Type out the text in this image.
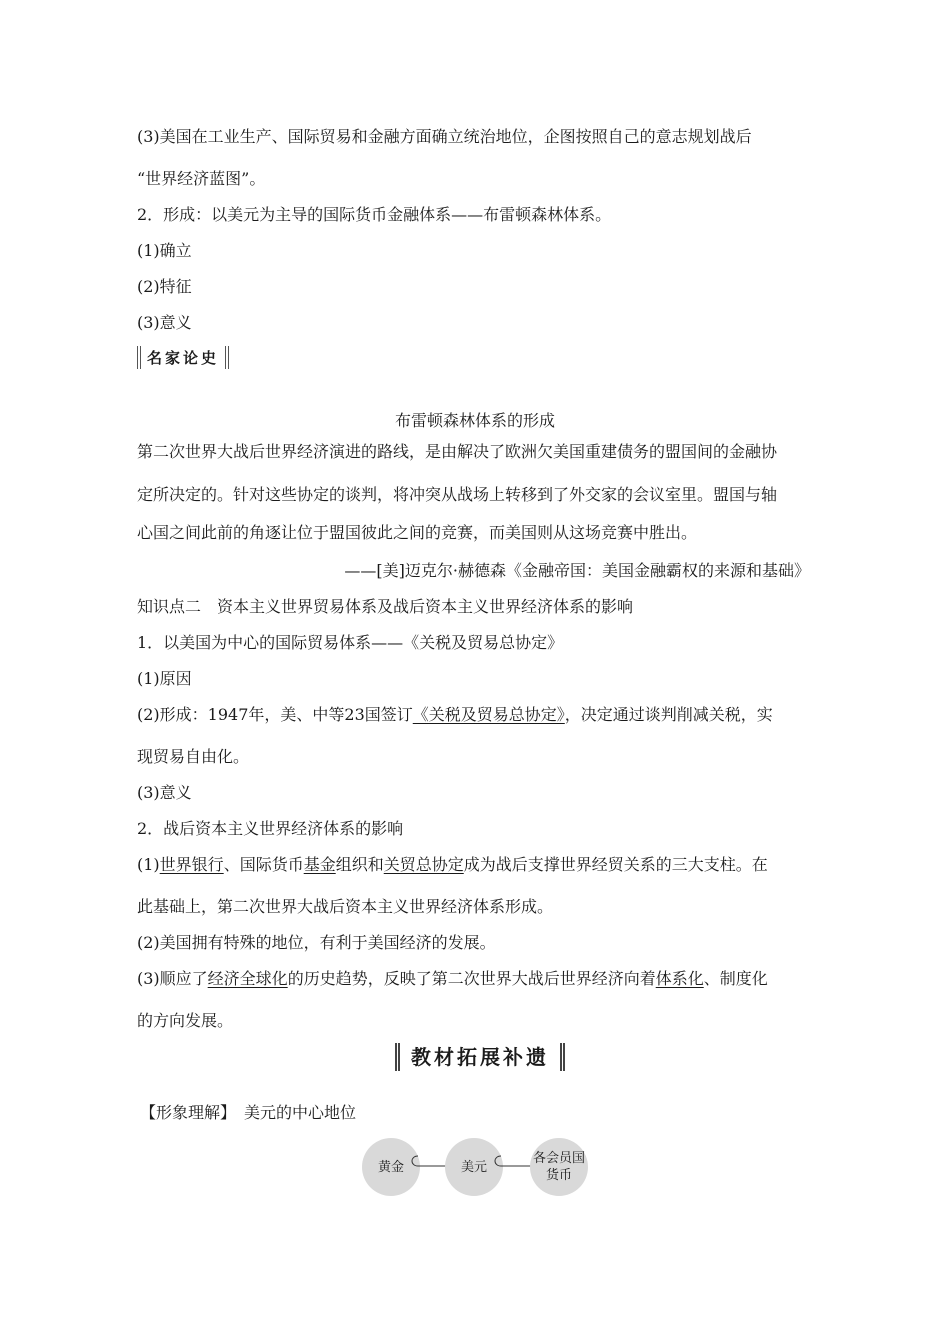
(3)美国在工业生产、国际贸易和金融方面确立统治地位，企图按照自己的意志规划战后
“世界经济蓝图”。
2．形成：以美元为主导的国际货币金融体系——布雷顿森林体系。
(1)确立
(2)特征
(3)意义
名家论史
布雷顿森林体系的形成
第二次世界大战后世界经济演进的路线，是由解决了欧洲欠美国重建债务的盟国间的金融协
定所决定的。针对这些协定的谈判，将冲突从战场上转移到了外交家的会议室里。盟国与轴
心国之间此前的角逐让位于盟国彼此之间的竞赛，而美国则从这场竞赛中胜出。
——[美]迈克尔·赫德森《金融帝国：美国金融霸权的来源和基础》
知识点二　资本主义世界贸易体系及战后资本主义世界经济体系的影响
1．以美国为中心的国际贸易体系——《关税及贸易总协定》
(1)原因
(2)形成：1947年，美、中等23国签订《关税及贸易总协定》，决定通过谈判削减关税，实
现贸易自由化。
(3)意义
2．战后资本主义世界经济体系的影响
(1)世界银行、国际货币基金组织和关贸总协定成为战后支撑世界经贸关系的三大支柱。在
此基础上，第二次世界大战后资本主义世界经济体系形成。
(2)美国拥有特殊的地位，有利于美国经济的发展。
(3)顺应了经济全球化的历史趋势，反映了第二次世界大战后世界经济向着体系化、制度化
的方向发展。
教材拓展补遗
【形象理解】　美元的中心地位
黄金	美元
各会员国
货币
